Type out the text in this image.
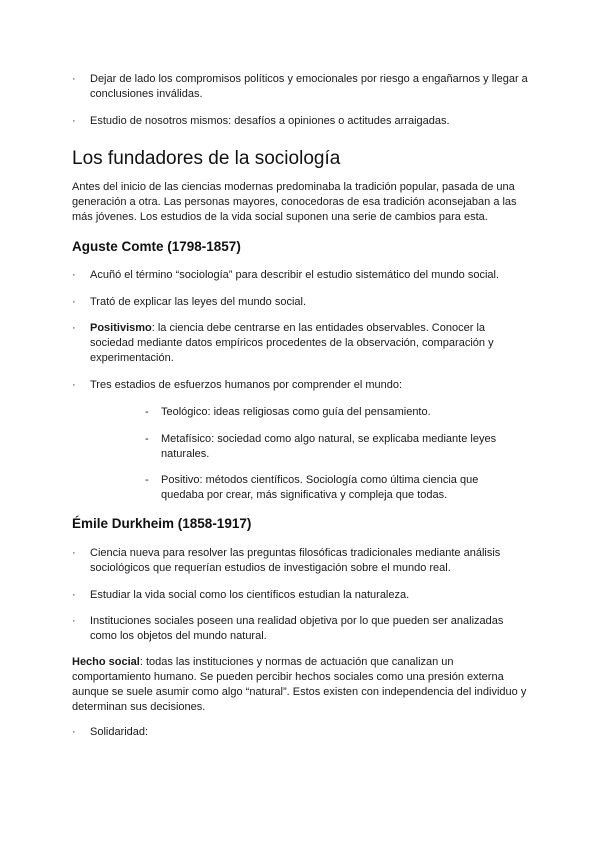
·	Dejar de lado los compromisos políticos y emocionales por riesgo a engañarnos y llegar a conclusiones inválidas.
·	Estudio de nosotros mismos: desafíos a opiniones o actitudes arraigadas.
Los fundadores de la sociología

Antes del inicio de las ciencias modernas predominaba la tradición popular, pasada de una generación a otra. Las personas mayores, conocedoras de esa tradición aconsejaban a las más jóvenes. Los estudios de la vida social suponen una serie de cambios para esta.

Aguste Comte (1798-1857)
·	Acuñó el término “sociología” para describir el estudio sistemático del mundo social.
·	Trató de explicar las leyes del mundo social.
·	Positivismo: la ciencia debe centrarse en las entidades observables. Conocer la sociedad mediante datos empíricos procedentes de la observación, comparación y experimentación.
·	Tres estadios de esfuerzos humanos por comprender el mundo:
- Teológico: ideas religiosas como guía del pensamiento.
- Metafísico: sociedad como algo natural, se explicaba mediante leyes naturales.
- Positivo: métodos científicos. Sociología como última ciencia que quedaba por crear, más significativa y compleja que todas.
Émile Durkheim (1858-1917)
·	Ciencia nueva para resolver las preguntas filosóficas tradicionales mediante análisis sociológicos que requerían estudios de investigación sobre el mundo real.
·	Estudiar la vida social como los científicos estudian la naturaleza.
·	Instituciones sociales poseen una realidad objetiva por lo que pueden ser analizadas como los objetos del mundo natural.

Hecho social: todas las instituciones y normas de actuación que canalizan un comportamiento humano. Se pueden percibir hechos sociales como una presión externa aunque se suele asumir como algo “natural”. Estos existen con independencia del individuo y determinan sus decisiones.

·	Solidaridad:
